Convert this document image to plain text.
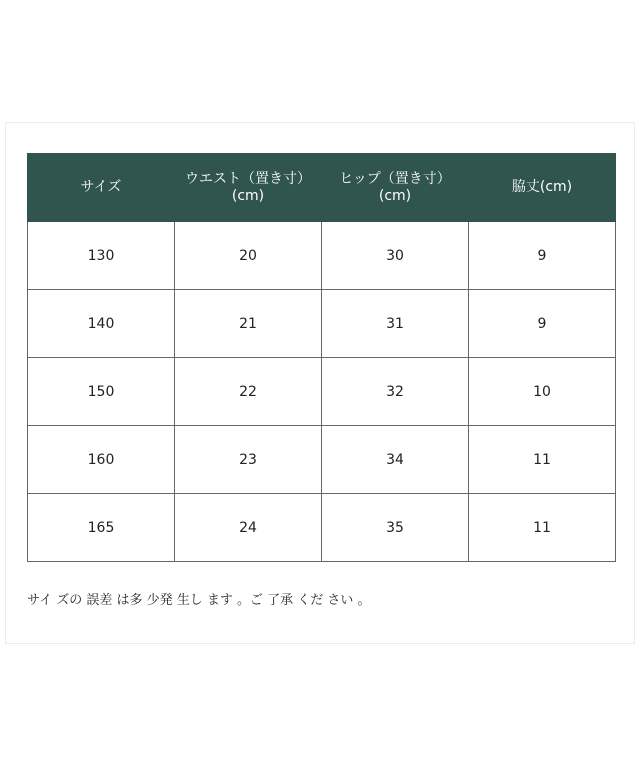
サイズ	ウエスト（置き寸）(cm)	ヒップ（置き寸）(cm)	脇丈(cm)
130	20	30	9
140	21	31	9
150	22	32	10
160	23	34	11
165	24	35	11
サイ ズの 誤差 は多 少発 生し ます 。ご 了承 くだ さい 。
